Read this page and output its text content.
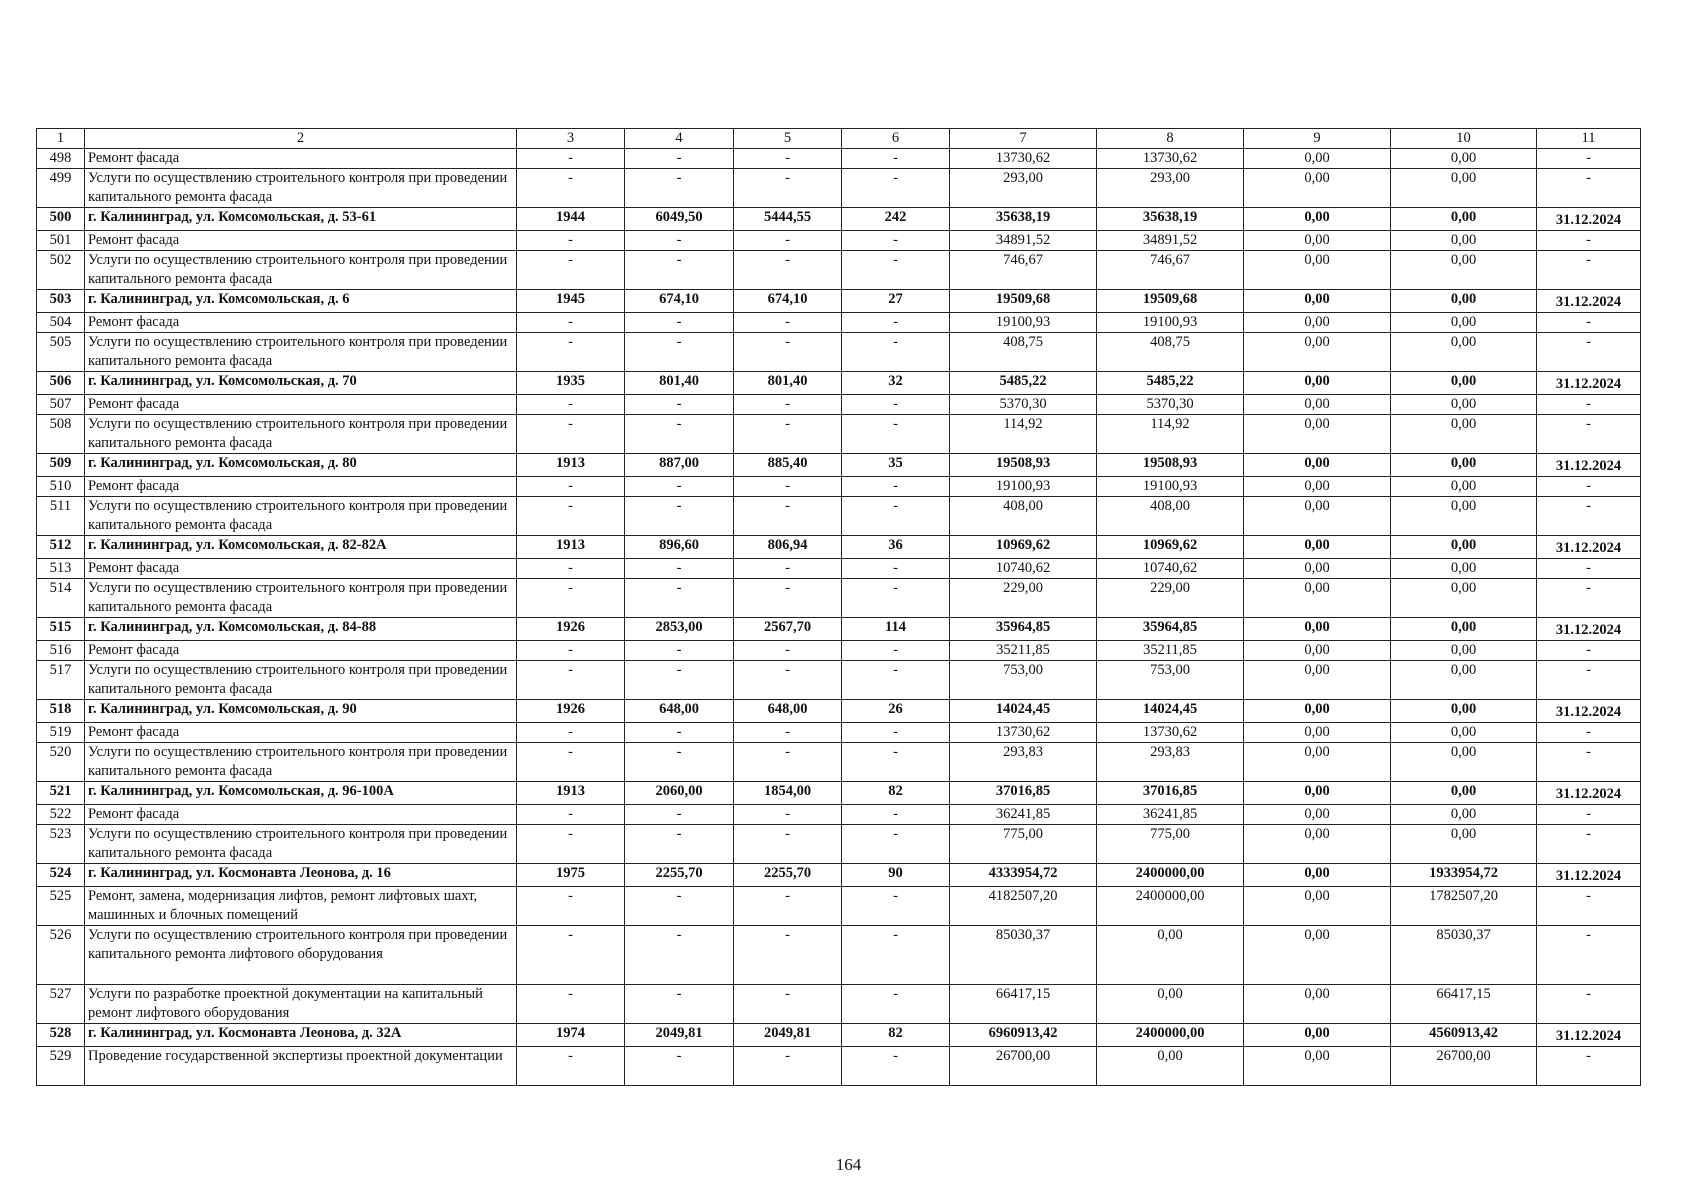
1	2	3	4	5	6	7	8	9	10	11
498	Ремонт фасада	-	-	-	-	13730,62	13730,62	0,00	0,00	-
499	Услуги по осуществлению строительного контроля при проведении капитального ремонта фасада	-	-	-	-	293,00	293,00	0,00	0,00	-
500	г. Калининград, ул. Комсомольская, д. 53-61	1944	6049,50	5444,55	242	35638,19	35638,19	0,00	0,00	31.12.2024
501	Ремонт фасада	-	-	-	-	34891,52	34891,52	0,00	0,00	-
502	Услуги по осуществлению строительного контроля при проведении капитального ремонта фасада	-	-	-	-	746,67	746,67	0,00	0,00	-
503	г. Калининград, ул. Комсомольская, д. 6	1945	674,10	674,10	27	19509,68	19509,68	0,00	0,00	31.12.2024
504	Ремонт фасада	-	-	-	-	19100,93	19100,93	0,00	0,00	-
505	Услуги по осуществлению строительного контроля при проведении капитального ремонта фасада	-	-	-	-	408,75	408,75	0,00	0,00	-
506	г. Калининград, ул. Комсомольская, д. 70	1935	801,40	801,40	32	5485,22	5485,22	0,00	0,00	31.12.2024
507	Ремонт фасада	-	-	-	-	5370,30	5370,30	0,00	0,00	-
508	Услуги по осуществлению строительного контроля при проведении капитального ремонта фасада	-	-	-	-	114,92	114,92	0,00	0,00	-
509	г. Калининград, ул. Комсомольская, д. 80	1913	887,00	885,40	35	19508,93	19508,93	0,00	0,00	31.12.2024
510	Ремонт фасада	-	-	-	-	19100,93	19100,93	0,00	0,00	-
511	Услуги по осуществлению строительного контроля при проведении капитального ремонта фасада	-	-	-	-	408,00	408,00	0,00	0,00	-
512	г. Калининград, ул. Комсомольская, д. 82-82А	1913	896,60	806,94	36	10969,62	10969,62	0,00	0,00	31.12.2024
513	Ремонт фасада	-	-	-	-	10740,62	10740,62	0,00	0,00	-
514	Услуги по осуществлению строительного контроля при проведении капитального ремонта фасада	-	-	-	-	229,00	229,00	0,00	0,00	-
515	г. Калининград, ул. Комсомольская, д. 84-88	1926	2853,00	2567,70	114	35964,85	35964,85	0,00	0,00	31.12.2024
516	Ремонт фасада	-	-	-	-	35211,85	35211,85	0,00	0,00	-
517	Услуги по осуществлению строительного контроля при проведении капитального ремонта фасада	-	-	-	-	753,00	753,00	0,00	0,00	-
518	г. Калининград, ул. Комсомольская, д. 90	1926	648,00	648,00	26	14024,45	14024,45	0,00	0,00	31.12.2024
519	Ремонт фасада	-	-	-	-	13730,62	13730,62	0,00	0,00	-
520	Услуги по осуществлению строительного контроля при проведении капитального ремонта фасада	-	-	-	-	293,83	293,83	0,00	0,00	-
521	г. Калининград, ул. Комсомольская, д. 96-100А	1913	2060,00	1854,00	82	37016,85	37016,85	0,00	0,00	31.12.2024
522	Ремонт фасада	-	-	-	-	36241,85	36241,85	0,00	0,00	-
523	Услуги по осуществлению строительного контроля при проведении капитального ремонта фасада	-	-	-	-	775,00	775,00	0,00	0,00	-
524	г. Калининград, ул. Космонавта Леонова, д. 16	1975	2255,70	2255,70	90	4333954,72	2400000,00	0,00	1933954,72	31.12.2024
525	Ремонт, замена, модернизация лифтов, ремонт лифтовых шахт, машинных и блочных помещений	-	-	-	-	4182507,20	2400000,00	0,00	1782507,20	-
526	Услуги по осуществлению строительного контроля при проведении капитального ремонта лифтового оборудования	-	-	-	-	85030,37	0,00	0,00	85030,37	-
527	Услуги по разработке проектной документации на капитальный ремонт лифтового оборудования	-	-	-	-	66417,15	0,00	0,00	66417,15	-
528	г. Калининград, ул. Космонавта Леонова, д. 32А	1974	2049,81	2049,81	82	6960913,42	2400000,00	0,00	4560913,42	31.12.2024
529	Проведение государственной экспертизы проектной документации	-	-	-	-	26700,00	0,00	0,00	26700,00	-
164
